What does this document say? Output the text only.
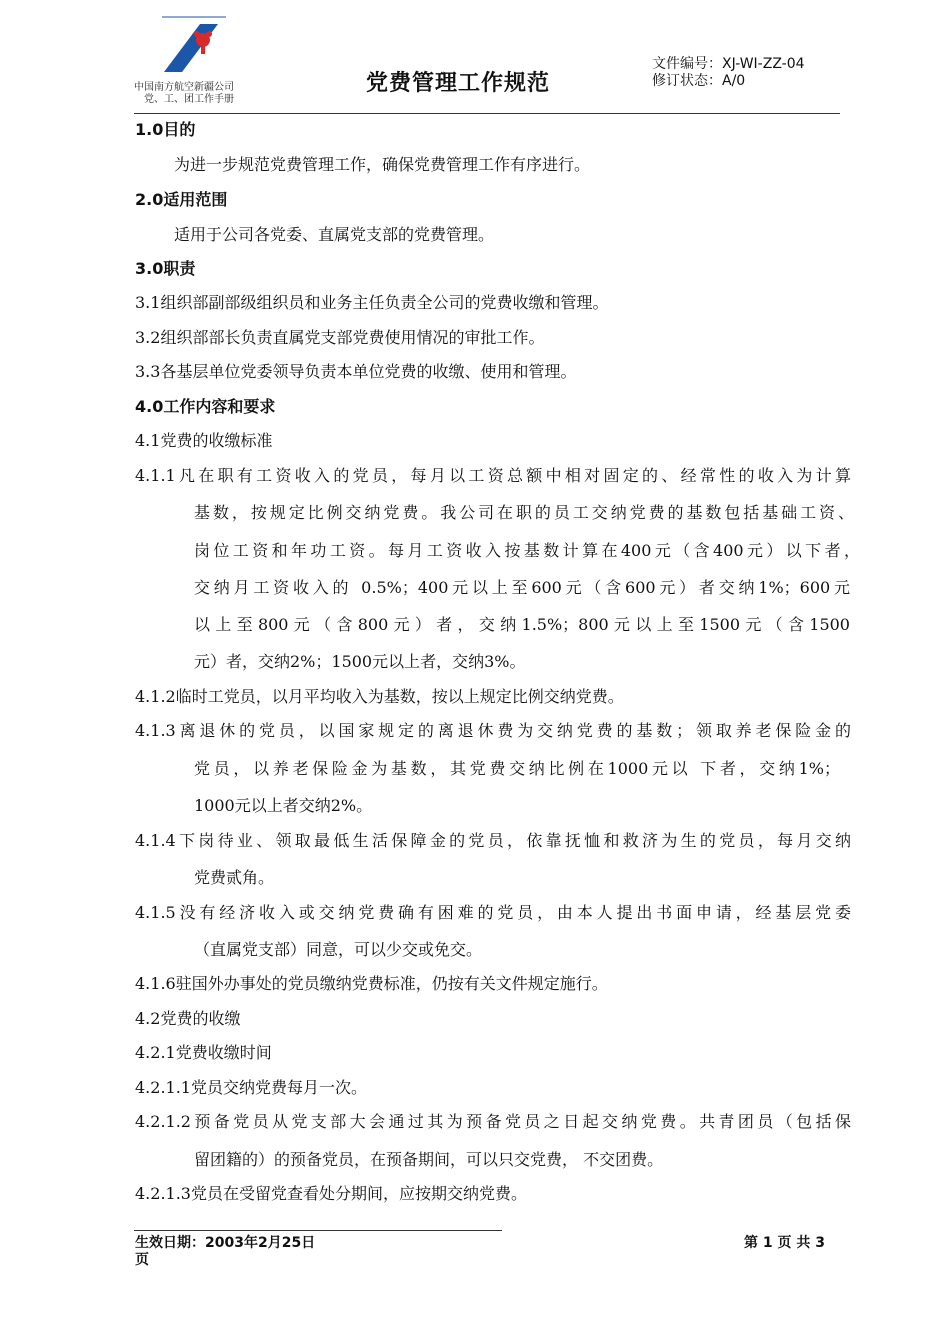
中国南方航空新疆公司
党、工、团工作手册
党费管理工作规范
文件编号：XJ-WI-ZZ-04
修订状态：A/0
1.0目的
为进一步规范党费管理工作，确保党费管理工作有序进行。
2.0适用范围
适用于公司各党委、直属党支部的党费管理。
3.0职责
3.1组织部副部级组织员和业务主任负责全公司的党费收缴和管理。
3.2组织部部长负责直属党支部党费使用情况的审批工作。
3.3各基层单位党委领导负责本单位党费的收缴、使用和管理。
4.0工作内容和要求
4.1党费的收缴标准
4.1.1凡在职有工资收入的党员，每月以工资总额中相对固定的、经常性的收入为计算
基数，按规定比例交纳党费。我公司在职的员工交纳党费的基数包括基础工资、
岗位工资和年功工资。每月工资收入按基数计算在400元（含400元）以下者，
交纳月工资收入的 0.5%；400元以上至600元（含600元）者交纳1%；600元
以上至800元（含800元）者，交纳1.5%；800元以上至1500元（含1500
元）者，交纳2%；1500元以上者，交纳3%。
4.1.2临时工党员，以月平均收入为基数，按以上规定比例交纳党费。
4.1.3离退休的党员，以国家规定的离退休费为交纳党费的基数；领取养老保险金的
党员，以养老保险金为基数，其党费交纳比例在1000元以 下者，交纳1%；
1000元以上者交纳2%。
4.1.4下岗待业、领取最低生活保障金的党员，依靠抚恤和救济为生的党员，每月交纳
党费贰角。
4.1.5没有经济收入或交纳党费确有困难的党员，由本人提出书面申请，经基层党委
（直属党支部）同意，可以少交或免交。
4.1.6驻国外办事处的党员缴纳党费标准，仍按有关文件规定施行。
4.2党费的收缴
4.2.1党费收缴时间
4.2.1.1党员交纳党费每月一次。
4.2.1.2预备党员从党支部大会通过其为预备党员之日起交纳党费。共青团员（包括保
留团籍的）的预备党员，在预备期间，可以只交党费， 不交团费。
4.2.1.3党员在受留党查看处分期间，应按期交纳党费。
生效日期：2003年2月25日	第 1 页 共 3
页
